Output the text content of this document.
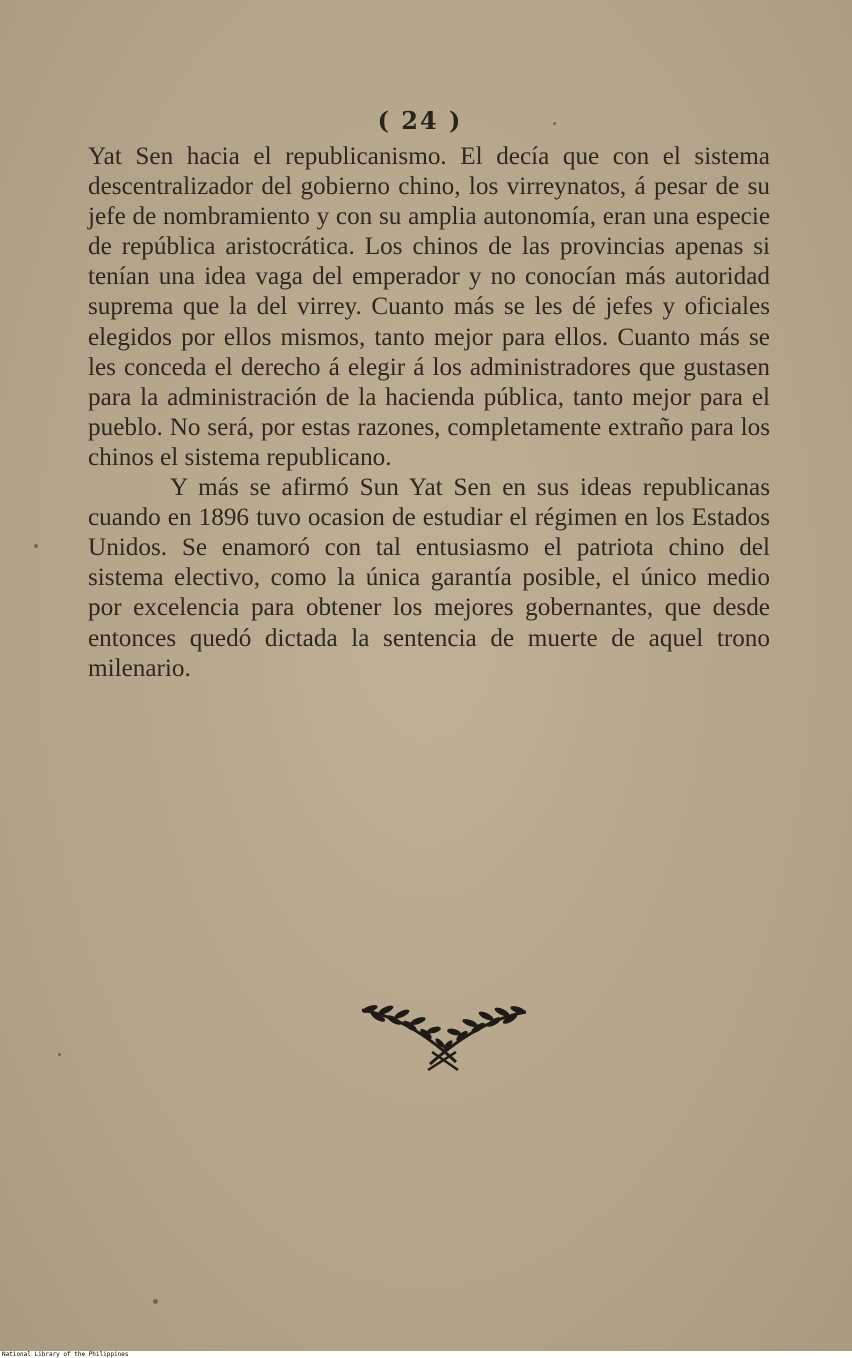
( 24 )

Yat Sen hacia el republicanismo. El decía que con el sistema descentralizador del gobierno chino, los virreynatos, á pesar de su jefe de nombramiento y con su amplia autonomía, eran una especie de república aristocrática. Los chinos de las provincias apenas si tenían una idea vaga del emperador y no conocían más autoridad suprema que la del virrey. Cuanto más se les dé jefes y oficiales elegidos por ellos mismos, tanto mejor para ellos. Cuanto más se les conceda el derecho á elegir á los administradores que gustasen para la administración de la hacienda pública, tanto mejor para el pueblo. No será, por estas razones, completamente extraño para los chinos el sistema republicano.

Y más se afirmó Sun Yat Sen en sus ideas republicanas cuando en 1896 tuvo ocasion de estudiar el régimen en los Estados Unidos. Se enamoró con tal entusiasmo el patriota chino del sistema electivo, como la única garantía posible, el único medio por excelencia para obtener los mejores gobernantes, que desde entonces quedó dictada la sentencia de muerte de aquel trono milenario.

National Library of the Philippines
